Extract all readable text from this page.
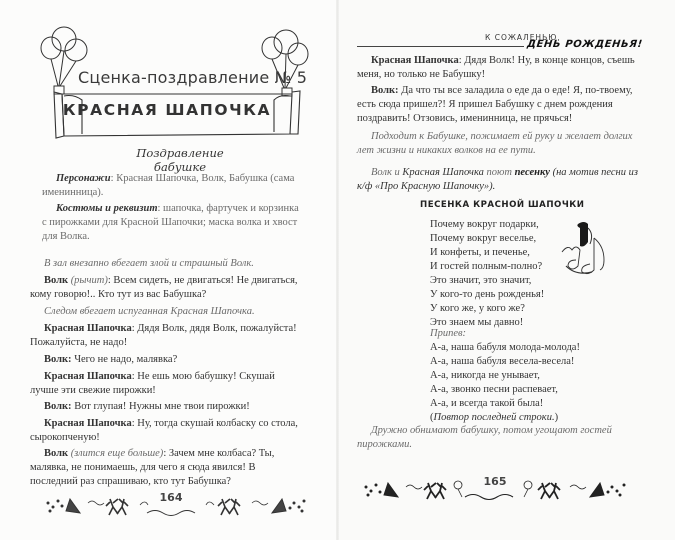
Сценка-поздравление № 5
КРАСНАЯ ШАПОЧКА
Поздравление бабушке

Персонажи: Красная Шапочка, Волк, Бабушка (сама именинница).

Костюмы и реквизит: шапочка, фартучек и корзинка с пирожками для Красной Шапочки; маска волка и хвост для Волка.

В зал внезапно вбегает злой и страшный Волк.

Волк (рычит): Всем сидеть, не двигаться! Не двигаться, кому говорю!.. Кто тут из вас Бабушка?

Следом вбегает испуганная Красная Шапочка.

Красная Шапочка: Дядя Волк, дядя Волк, пожалуйста! Пожалуйста, не надо!

Волк: Чего не надо, малявка?

Красная Шапочка: Не ешь мою бабушку! Скушай лучше эти свежие пирожки!

Волк: Вот глупая! Нужны мне твои пирожки!

Красная Шапочка: Ну, тогда скушай колбаску со стола, сырокопченую!

Волк (злится еще больше): Зачем мне колбаса? Ты, малявка, не понимаешь, для чего я сюда явился! В последний раз спрашиваю, кто тут Бабушка?

164
К СОЖАЛЕНЬЮ,
ДЕНЬ РОЖДЕНЬЯ!

Красная Шапочка: Дядя Волк! Ну, в конце концов, съешь меня, но только не Бабушку!

Волк: Да что ты все заладила о еде да о еде! Я, по-твоему, есть сюда пришел?! Я пришел Бабушку с днем рождения поздравить! Отзовись, именинница, не прячься!

Подходит к Бабушке, пожимает ей руку и желает долгих лет жизни и никаких волков на ее пути.

Волк и Красная Шапочка поют песенку (на мотив песни из к/ф «Про Красную Шапочку»).

ПЕСЕНКА КРАСНОЙ ШАПОЧКИ
Почему вокруг подарки,
Почему вокруг веселье,
И конфеты, и печенье,
И гостей полным-полно?
Это значит, это значит,
У кого-то день рожденья!
У кого же, у кого же?
Это знаем мы давно!
Припев:
А-а, наша бабуля молода-молода!
А-а, наша бабуля весела-весела!
А-а, никогда не унывает,
А-а, звонко песни распевает,
А-а, и всегда такой была!
(Повтор последней строки.)

Дружно обнимают бабушку, потом угощают гостей пирожками.

165
